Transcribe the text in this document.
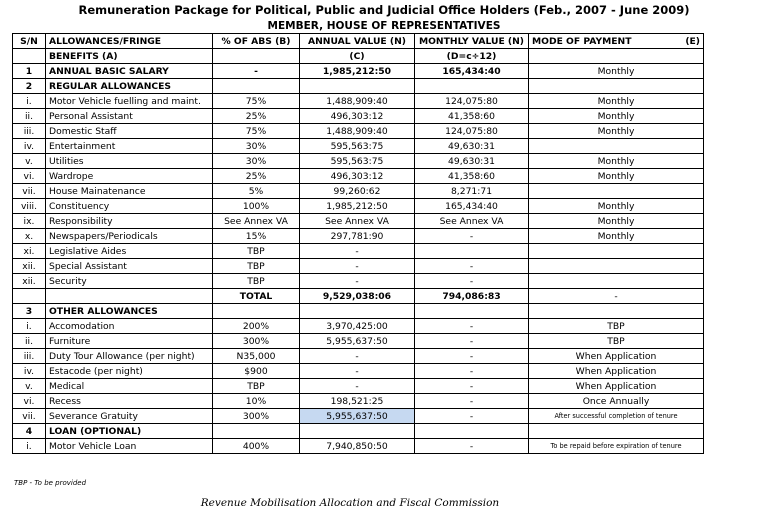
Remuneration Package for Political, Public and Judicial Office Holders (Feb., 2007 - June 2009)
MEMBER, HOUSE OF REPRESENTATIVES
S/N	ALLOWANCES/FRINGE	% OF ABS (B)	ANNUAL VALUE (N)	MONTHLY VALUE (N)	MODE OF PAYMENT (E)

	BENEFITS (A)		(C)	(D=c÷12)	
1	ANNUAL BASIC SALARY	-	1,985,212:50	165,434:40	Monthly
2	REGULAR ALLOWANCES				
i.	Motor Vehicle fuelling and maint.	75%	1,488,909:40	124,075:80	Monthly
ii.	Personal Assistant	25%	496,303:12	41,358:60	Monthly
iii.	Domestic Staff	75%	1,488,909:40	124,075:80	Monthly
iv.	Entertainment	30%	595,563:75	49,630:31	
v.	Utilities	30%	595,563:75	49,630:31	Monthly
vi.	Wardrope	25%	496,303:12	41,358:60	Monthly
vii.	House Mainatenance	5%	99,260:62	8,271:71	
viii.	Constituency	100%	1,985,212:50	165,434:40	Monthly
ix.	Responsibility	See Annex VA	See Annex VA	See Annex VA	Monthly
x.	Newspapers/Periodicals	15%	297,781:90	-	Monthly
xi.	Legislative Aides	TBP	-		
xii.	Special Assistant	TBP	-	-	
xii.	Security	TBP	-	-	
		TOTAL	9,529,038:06	794,086:83	-
3	OTHER ALLOWANCES				
i.	Accomodation	200%	3,970,425:00	-	TBP
ii.	Furniture	300%	5,955,637:50	-	TBP
iii.	Duty Tour Allowance (per night)	N35,000	-	-	When Application
iv.	Estacode (per night)	$900	-	-	When Application
v.	Medical	TBP	-	-	When Application
vi.	Recess	10%	198,521:25	-	Once Annually
vii.	Severance Gratuity	300%	5,955,637:50	-	After successful completion of tenure
4	LOAN (OPTIONAL)				
i.	Motor Vehicle Loan	400%	7,940,850:50	-	To be repaid before expiration of tenure
TBP - To be provided
Revenue Mobilisation Allocation and Fiscal Commission
